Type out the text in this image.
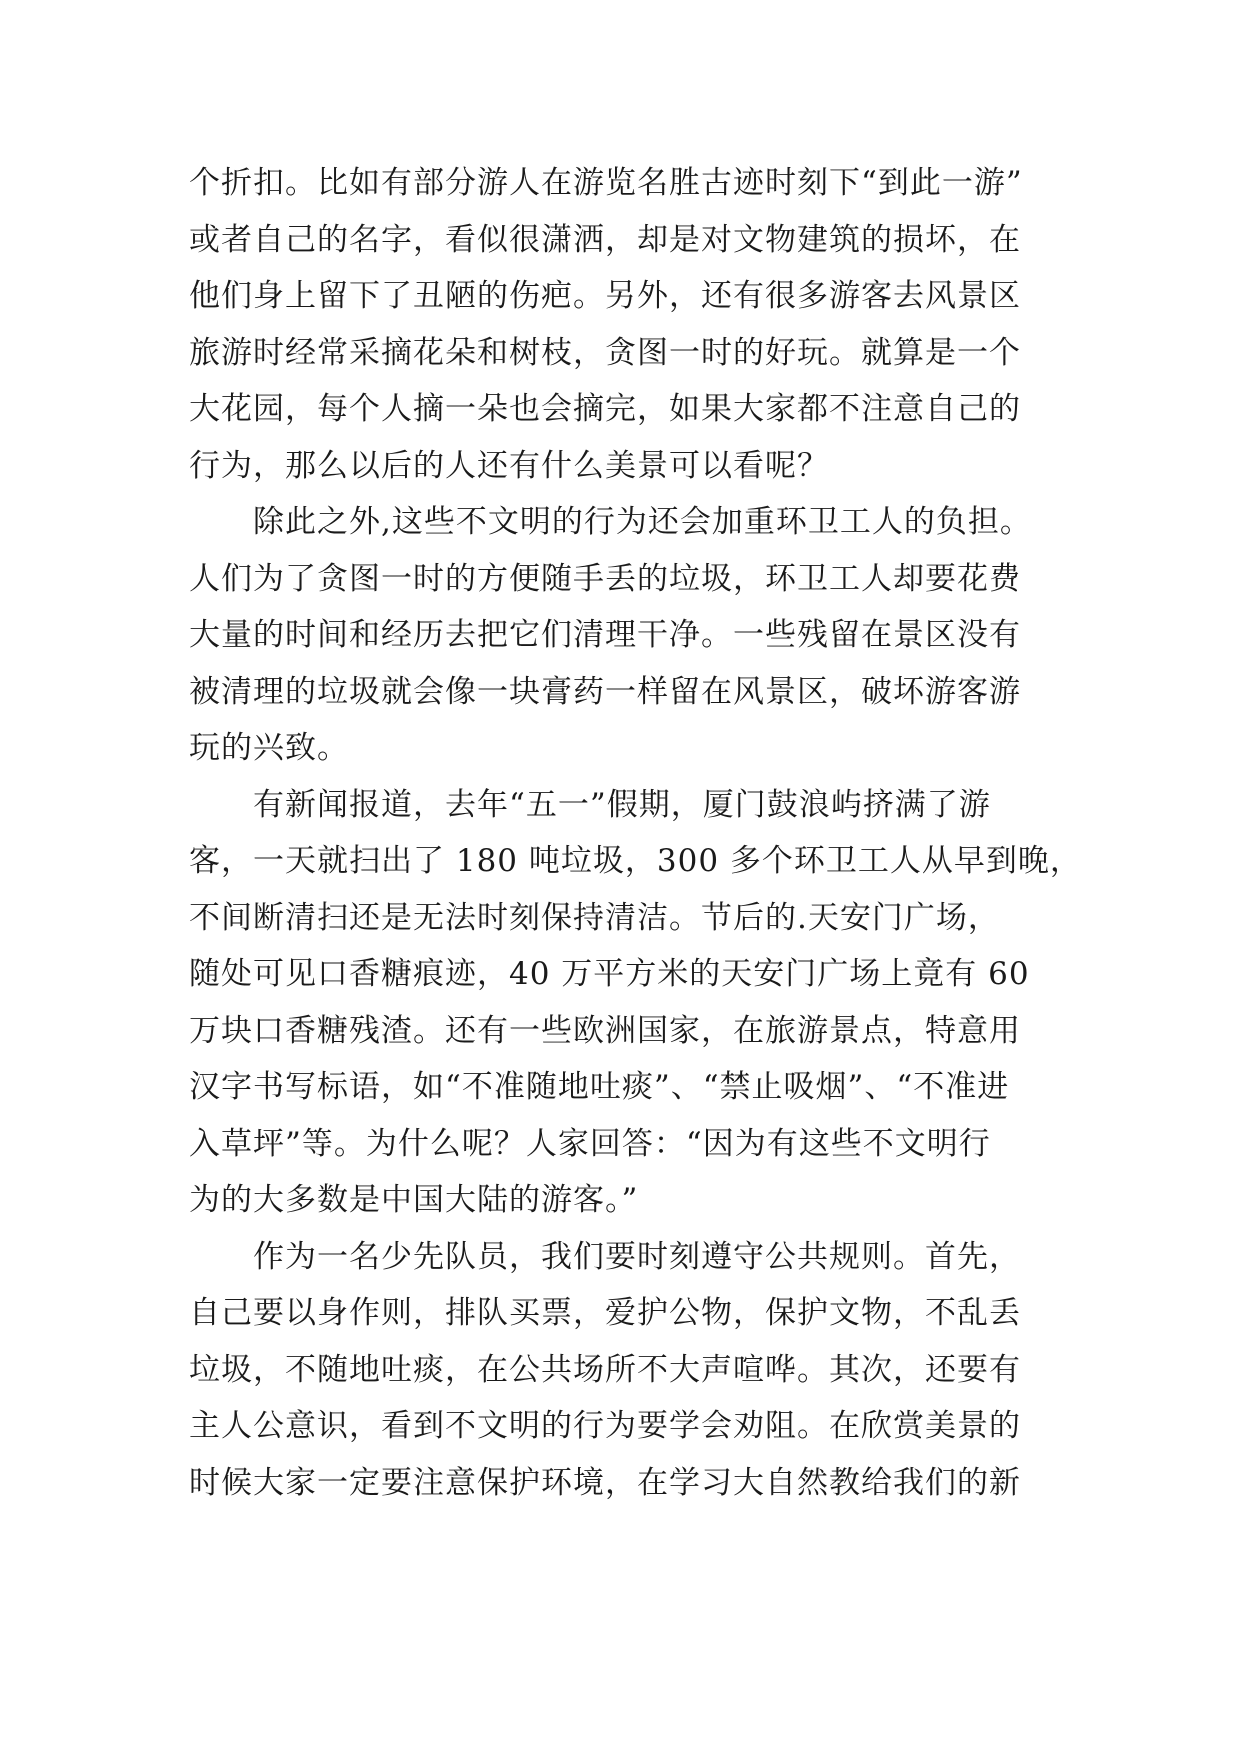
个折扣。比如有部分游人在游览名胜古迹时刻下“到此一游”
或者自己的名字，看似很潇洒，却是对文物建筑的损坏，在
他们身上留下了丑陋的伤疤。另外，还有很多游客去风景区
旅游时经常采摘花朵和树枝，贪图一时的好玩。就算是一个
大花园，每个人摘一朵也会摘完，如果大家都不注意自己的
行为，那么以后的人还有什么美景可以看呢？
　　除此之外,这些不文明的行为还会加重环卫工人的负担。
人们为了贪图一时的方便随手丢的垃圾，环卫工人却要花费
大量的时间和经历去把它们清理干净。一些残留在景区没有
被清理的垃圾就会像一块膏药一样留在风景区，破坏游客游
玩的兴致。
　　有新闻报道，去年“五一”假期，厦门鼓浪屿挤满了游
客，一天就扫出了 180 吨垃圾，300 多个环卫工人从早到晚，
不间断清扫还是无法时刻保持清洁。节后的.天安门广场，
随处可见口香糖痕迹，40 万平方米的天安门广场上竟有 60
万块口香糖残渣。还有一些欧洲国家，在旅游景点，特意用
汉字书写标语，如“不准随地吐痰”、“禁止吸烟”、“不准进
入草坪”等。为什么呢？人家回答：“因为有这些不文明行
为的大多数是中国大陆的游客。”
　　作为一名少先队员，我们要时刻遵守公共规则。首先，
自己要以身作则，排队买票，爱护公物，保护文物，不乱丢
垃圾，不随地吐痰，在公共场所不大声喧哗。其次，还要有
主人公意识，看到不文明的行为要学会劝阻。在欣赏美景的
时候大家一定要注意保护环境，在学习大自然教给我们的新
